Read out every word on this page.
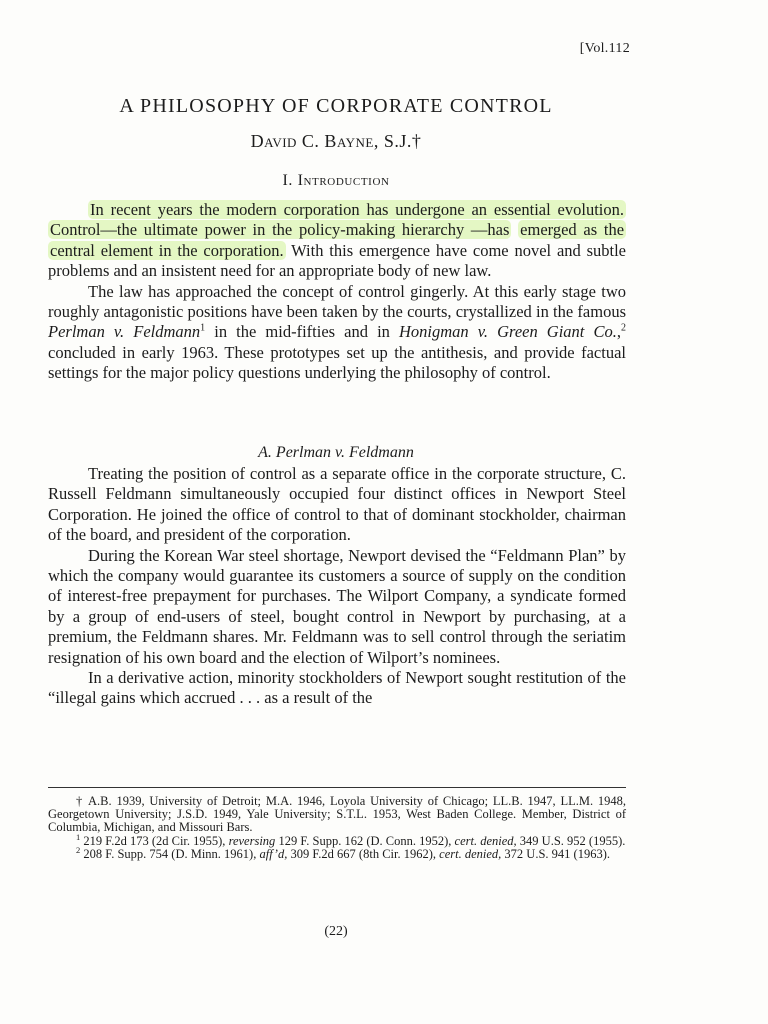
[Vol.112
A PHILOSOPHY OF CORPORATE CONTROL
David C. Bayne, S.J.†
I. Introduction

In recent years the modern corporation has undergone an essential evolution. Control—the ultimate power in the policy-making hierarchy —has emerged as the central element in the corporation. With this emergence have come novel and subtle problems and an insistent need for an appropriate body of new law.

The law has approached the concept of control gingerly. At this early stage two roughly antagonistic positions have been taken by the courts, crystallized in the famous Perlman v. Feldmann$^1$ in the mid-fifties and in Honigman v. Green Giant Co.,$^2$ concluded in early 1963. These prototypes set up the antithesis, and provide factual settings for the major policy questions underlying the philosophy of control.

A. Perlman v. Feldmann

Treating the position of control as a separate office in the corporate structure, C. Russell Feldmann simultaneously occupied four distinct offices in Newport Steel Corporation. He joined the office of control to that of dominant stockholder, chairman of the board, and president of the corporation.

During the Korean War steel shortage, Newport devised the “Feldmann Plan” by which the company would guarantee its customers a source of supply on the condition of interest-free prepayment for purchases. The Wilport Company, a syndicate formed by a group of end-users of steel, bought control in Newport by purchasing, at a premium, the Feldmann shares. Mr. Feldmann was to sell control through the seriatim resignation of his own board and the election of Wilport’s nominees.

In a derivative action, minority stockholders of Newport sought restitution of the “illegal gains which accrued . . . as a result of the

† A.B. 1939, University of Detroit; M.A. 1946, Loyola University of Chicago; LL.B. 1947, LL.M. 1948, Georgetown University; J.S.D. 1949, Yale University; S.T.L. 1953, West Baden College. Member, District of Columbia, Michigan, and Missouri Bars.

$^1$ 219 F.2d 173 (2d Cir. 1955), reversing 129 F. Supp. 162 (D. Conn. 1952), cert. denied, 349 U.S. 952 (1955).

$^2$ 208 F. Supp. 754 (D. Minn. 1961), aff’d, 309 F.2d 667 (8th Cir. 1962), cert. denied, 372 U.S. 941 (1963).

(22)
